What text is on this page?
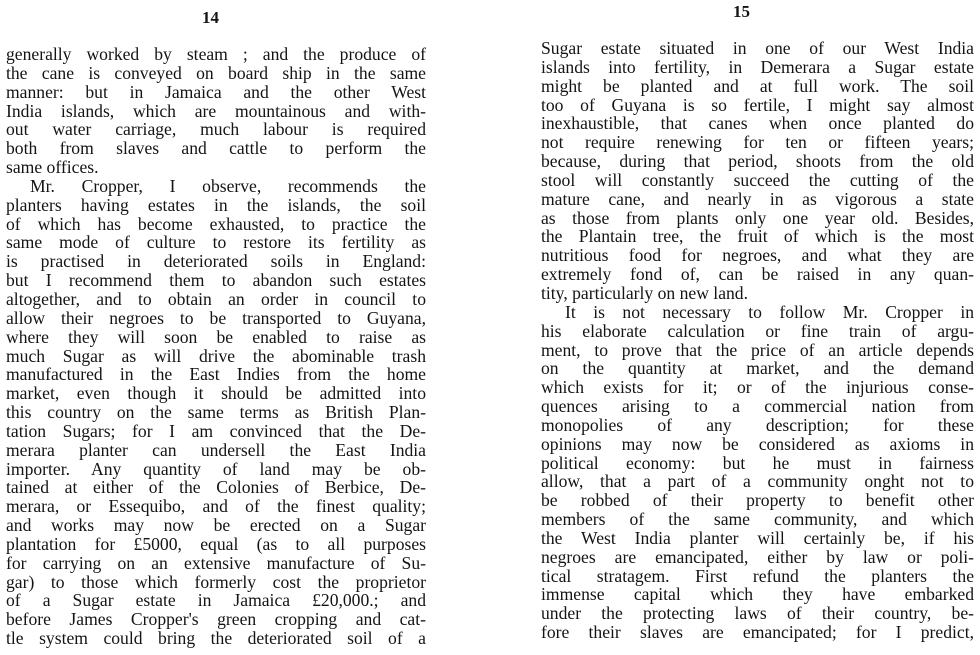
14
generally worked by steam ; and the produce of
the cane is conveyed on board ship in the same
manner: but in Jamaica and the other West
India islands, which are mountainous and with-
out water carriage, much labour is required
both from slaves and cattle to perform the
same offices.
Mr. Cropper, I observe, recommends the
planters having estates in the islands, the soil
of which has become exhausted, to practice the
same mode of culture to restore its fertility as
is practised in deteriorated soils in England:
but I recommend them to abandon such estates
altogether, and to obtain an order in council to
allow their negroes to be transported to Guyana,
where they will soon be enabled to raise as
much Sugar as will drive the abominable trash
manufactured in the East Indies from the home
market, even though it should be admitted into
this country on the same terms as British Plan-
tation Sugars; for I am convinced that the De-
merara planter can undersell the East India
importer. Any quantity of land may be ob-
tained at either of the Colonies of Berbice, De-
merara, or Essequibo, and of the finest quality;
and works may now be erected on a Sugar
plantation for £5000, equal (as to all purposes
for carrying on an extensive manufacture of Su-
gar) to those which formerly cost the proprietor
of a Sugar estate in Jamaica £20,000.; and
before James Cropper's green cropping and cat-
tle system could bring the deteriorated soil of a
15
Sugar estate situated in one of our West India
islands into fertility, in Demerara a Sugar estate
might be planted and at full work. The soil
too of Guyana is so fertile, I might say almost
inexhaustible, that canes when once planted do
not require renewing for ten or fifteen years;
because, during that period, shoots from the old
stool will constantly succeed the cutting of the
mature cane, and nearly in as vigorous a state
as those from plants only one year old. Besides,
the Plantain tree, the fruit of which is the most
nutritious food for negroes, and what they are
extremely fond of, can be raised in any quan-
tity, particularly on new land.
It is not necessary to follow Mr. Cropper in
his elaborate calculation or fine train of argu-
ment, to prove that the price of an article depends
on the quantity at market, and the demand
which exists for it; or of the injurious conse-
quences arising to a commercial nation from
monopolies of any description; for these
opinions may now be considered as axioms in
political economy: but he must in fairness
allow, that a part of a community onght not to
be robbed of their property to benefit other
members of the same community, and which
the West India planter will certainly be, if his
negroes are emancipated, either by law or poli-
tical stratagem. First refund the planters the
immense capital which they have embarked
under the protecting laws of their country, be-
fore their slaves are emancipated; for I predict,
